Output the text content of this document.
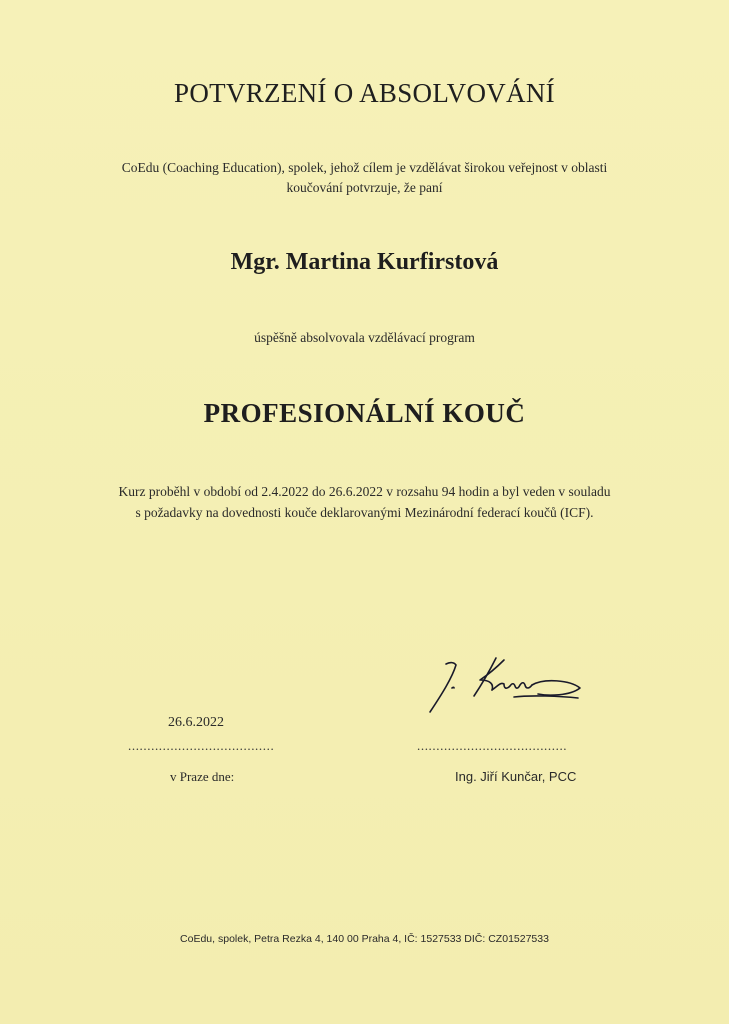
POTVRZENÍ O ABSOLVOVÁNÍ
CoEdu (Coaching Education), spolek, jehož cílem je vzdělávat širokou veřejnost v oblasti
koučování potvrzuje, že paní
Mgr. Martina Kurfirstová
úspěšně absolvovala vzdělávací program
PROFESIONÁLNÍ KOUČ
Kurz proběhl v období od 2.4.2022 do 26.6.2022 v rozsahu 94 hodin a byl veden v souladu
s požadavky na dovednosti kouče deklarovanými Mezinárodní federací koučů (ICF).
26.6.2022
......................................	.......................................
v Praze dne:	Ing. Jiří Kunčar, PCC
CoEdu, spolek, Petra Rezka 4, 140 00 Praha 4, IČ: 1527533 DIČ: CZ01527533
